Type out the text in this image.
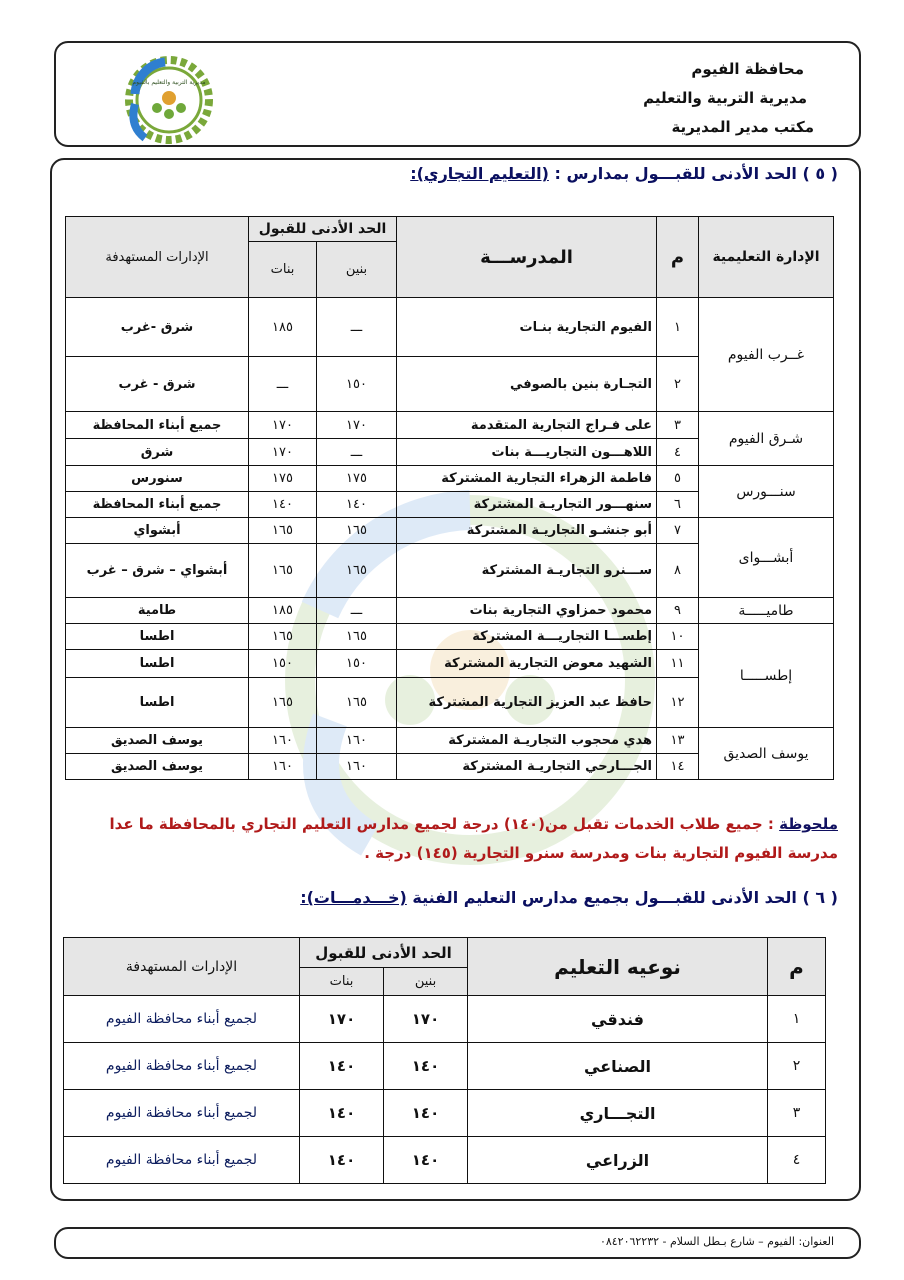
محافظة الفيوم
مديرية التربية والتعليم
مكتب مدير المديرية
مديرية التربية والتعليم بالفيوم
( ٥ ) الحد الأدنى للقبـــول بمدارس : (التعليم التجاري):
الإدارة التعليمية	م	المدرســـة	الحد الأدنى للقبول		الإدارات المستهدفة
			بنين	بنات	
غــرب الفيوم	١	الفيوم التجارية بنـات	ـــ	١٨٥	شرق -غرب
	٢	التجـارة بنين بالصوفي	١٥٠	ـــ	شرق - غرب
شـرق الفيوم	٣	على فـراج التجارية المتقدمة	١٧٠	١٧٠	جميع أبناء المحافظة
	٤	اللاهـــون التجاريـــة بنات	ـــ	١٧٠	شرق
سنـــورس	٥	فاطمة الزهراء التجارية المشتركة	١٧٥	١٧٥	سنورس
	٦	سنهـــور التجاريـة المشتركة	١٤٠	١٤٠	جميع أبناء المحافظة
أبشـــواى	٧	أبو جنشـو التجاريـة المشتركة	١٦٥	١٦٥	أبشواي
	٨	ســـنرو التجاريـة المشتركة	١٦٥	١٦٥	أبشواي – شرق – غرب
طاميـــــة	٩	محمود حمزاوي التجارية بنات	ـــ	١٨٥	طامية
إطســـــا	١٠	إطســـا التجاريـــة المشتركة	١٦٥	١٦٥	اطسا
	١١	الشهيد معوض التجارية المشتركة	١٥٠	١٥٠	اطسا
	١٢	حافظ عبد العزيز التجارية المشتركة	١٦٥	١٦٥	اطسا
يوسف الصديق	١٣	هدي محجوب التجاريـة المشتركة	١٦٠	١٦٠	يوسف الصديق
	١٤	الجـــارحي التجاريـة المشتركة	١٦٠	١٦٠	يوسف الصديق
ملحوظة : جميع طلاب الخدمات تقبل من(١٤٠) درجة لجميع مدارس التعليم التجاري بالمحافظة ما عدا مدرسة الفيوم التجارية بنات ومدرسة سنرو التجارية (١٤٥) درجة .
( ٦ ) الحد الأدنى للقبـــول بجميع مدارس التعليم الفنية (خـــدمـــات):
م	نوعيه التعليم	الحد الأدنى للقبول		الإدارات المستهدفة
		بنين	بنات	
١	فندقي	١٧٠	١٧٠	لجميع أبناء محافظة الفيوم
٢	الصناعي	١٤٠	١٤٠	لجميع أبناء محافظة الفيوم
٣	التجـــاري	١٤٠	١٤٠	لجميع أبناء محافظة الفيوم
٤	الزراعي	١٤٠	١٤٠	لجميع أبناء محافظة الفيوم
العنوان: الفيوم – شارع بـطل السلام - ٠٨٤٢٠٦٢٢٣٢
